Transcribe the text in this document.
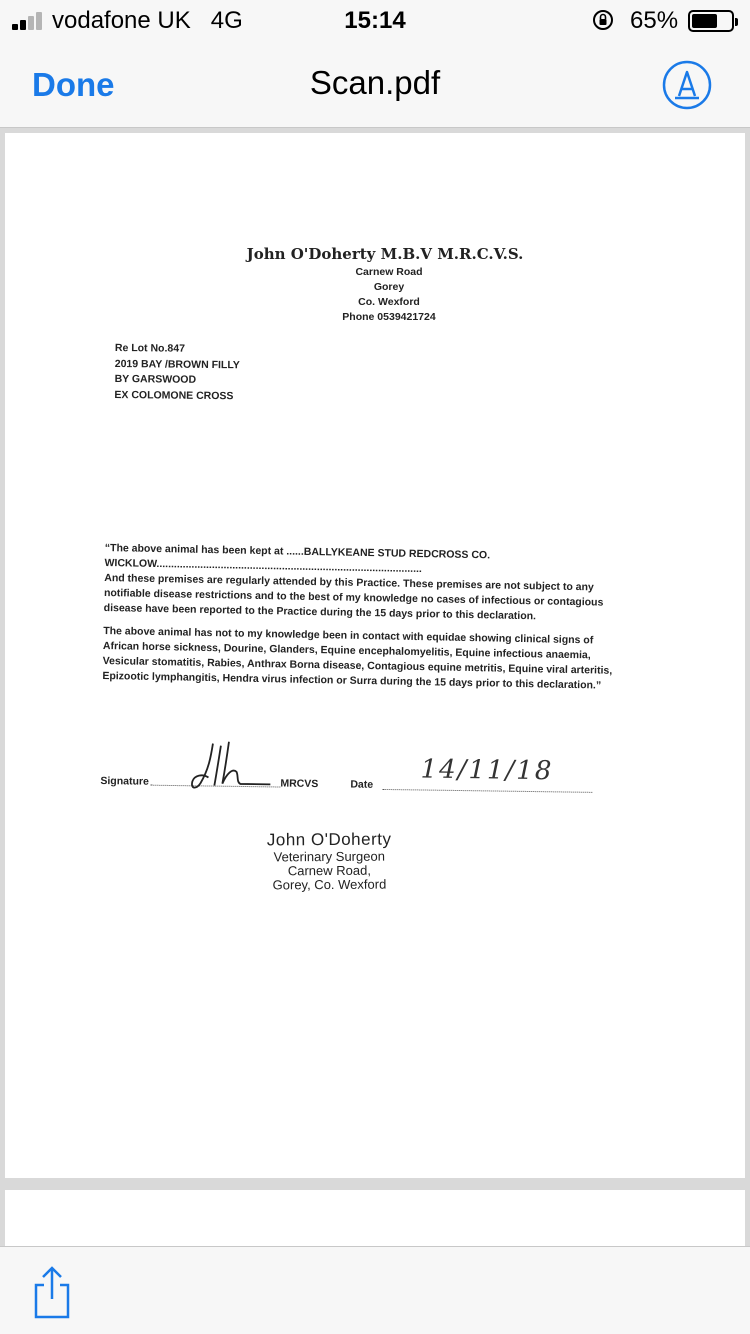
vodafone UK 4G	15:14	65%
Done	Scan.pdf
John O'Doherty M.B.V M.R.C.V.S.
Carnew Road
Gorey
Co. Wexford
Phone 0539421724
Re Lot No.847
2019 BAY /BROWN FILLY
BY GARSWOOD
EX COLOMONE CROSS

“The above animal has been kept at ......BALLYKEANE STUD REDCROSS CO. WICKLOW...........................................................................................
And these premises are regularly attended by this Practice. These premises are not subject to any notifiable disease restrictions and to the best of my knowledge no cases of infectious or contagious disease have been reported to the Practice during the 15 days prior to this declaration.

The above animal has not to my knowledge been in contact with equidae showing clinical signs of African horse sickness, Dourine, Glanders, Equine encephalomyelitis, Equine infectious anaemia, Vesicular stomatitis, Rabies, Anthrax Borna disease, Contagious equine metritis, Equine viral arteritis, Epizootic lymphangitis, Hendra virus infection or Surra during the 15 days prior to this declaration.”

Signature	MRCVS	Date 14/11/18
John O'Doherty
Veterinary Surgeon
Carnew Road,
Gorey, Co. Wexford
